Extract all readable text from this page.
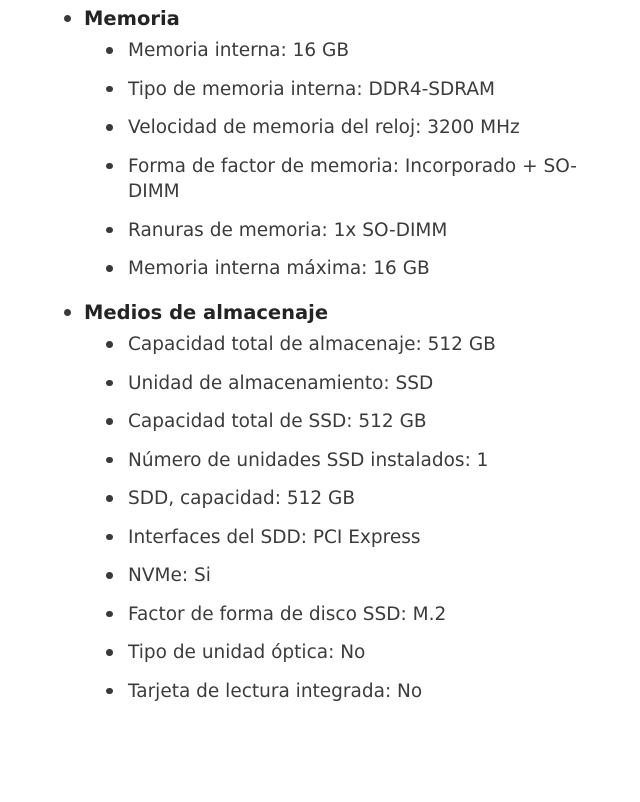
Memoria
Memoria interna: 16 GB
Tipo de memoria interna: DDR4-SDRAM
Velocidad de memoria del reloj: 3200 MHz
Forma de factor de memoria: Incorporado + SO-DIMM
Ranuras de memoria: 1x SO-DIMM
Memoria interna máxima: 16 GB
Medios de almacenaje
Capacidad total de almacenaje: 512 GB
Unidad de almacenamiento: SSD
Capacidad total de SSD: 512 GB
Número de unidades SSD instalados: 1
SDD, capacidad: 512 GB
Interfaces del SDD: PCI Express
NVMe: Si
Factor de forma de disco SSD: M.2
Tipo de unidad óptica: No
Tarjeta de lectura integrada: No
